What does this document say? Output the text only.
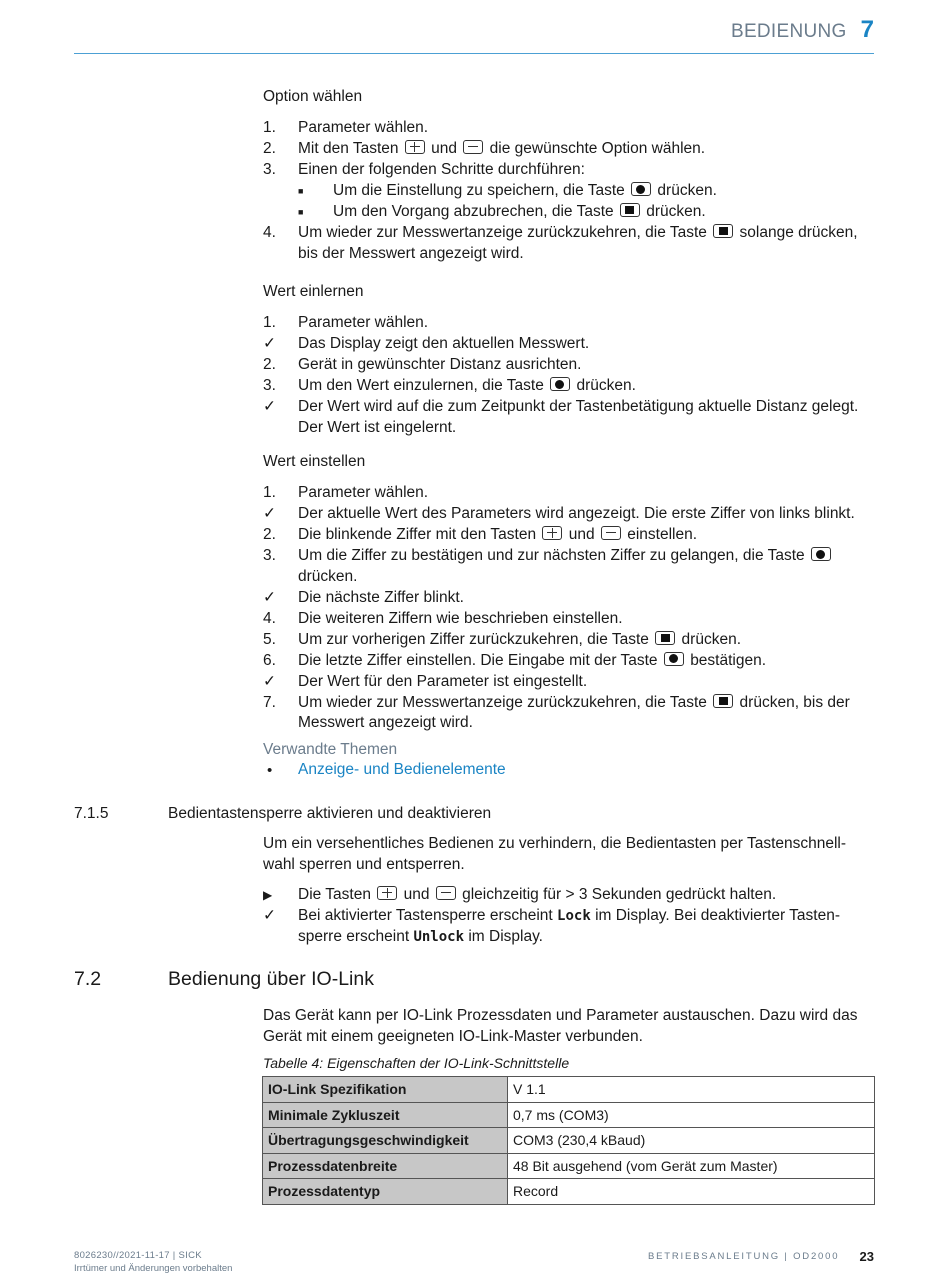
BEDIENUNG 7
Option wählen
1. Parameter wählen.
2. Mit den Tasten und die gewünschte Option wählen.
3. Einen der folgenden Schritte durchführen:
■ Um die Einstellung zu speichern, die Taste drücken.
■ Um den Vorgang abzubrechen, die Taste drücken.
4. Um wieder zur Messwertanzeige zurückzukehren, die Taste solange drücken, bis der Messwert angezeigt wird.
Wert einlernen
1. Parameter wählen.
✓ Das Display zeigt den aktuellen Messwert.
2. Gerät in gewünschter Distanz ausrichten.
3. Um den Wert einzulernen, die Taste drücken.
✓ Der Wert wird auf die zum Zeitpunkt der Tastenbetätigung aktuelle Distanz gelegt. Der Wert ist eingelernt.
Wert einstellen
1. Parameter wählen.
✓ Der aktuelle Wert des Parameters wird angezeigt. Die erste Ziffer von links blinkt.
2. Die blinkende Ziffer mit den Tasten und einstellen.
3. Um die Ziffer zu bestätigen und zur nächsten Ziffer zu gelangen, die Taste  drücken.
✓ Die nächste Ziffer blinkt.
4. Die weiteren Ziffern wie beschrieben einstellen.
5. Um zur vorherigen Ziffer zurückzukehren, die Taste drücken.
6. Die letzte Ziffer einstellen. Die Eingabe mit der Taste bestätigen.
✓ Der Wert für den Parameter ist eingestellt.
7. Um wieder zur Messwertanzeige zurückzukehren, die Taste drücken, bis der Messwert angezeigt wird.
Verwandte Themen
• Anzeige- und Bedienelemente
7.1.5	Bedientastensperre aktivieren und deaktivieren

Um ein versehentliches Bedienen zu verhindern, die Bedientasten per Tastenschnellwahl sperren und entsperren.

▶ Die Tasten und gleichzeitig für > 3 Sekunden gedrückt halten.
✓ Bei aktivierter Tastensperre erscheint Lock im Display. Bei deaktivierter Tastensperre erscheint Unlock im Display.
7.2	Bedienung über IO-Link

Das Gerät kann per IO-Link Prozessdaten und Parameter austauschen. Dazu wird das Gerät mit einem geeigneten IO-Link-Master verbunden.

Tabelle 4: Eigenschaften der IO-Link-Schnittstelle
IO-Link Spezifikation	V 1.1
Minimale Zykluszeit	0,7 ms (COM3)
Übertragungsgeschwindigkeit	COM3 (230,4 kBaud)
Prozessdatenbreite	48 Bit ausgehend (vom Gerät zum Master)
Prozessdatentyp	Record
8026230//2021-11-17 | SICK
Irrtümer und Änderungen vorbehalten
BETRIEBSANLEITUNG | OD2000 23
